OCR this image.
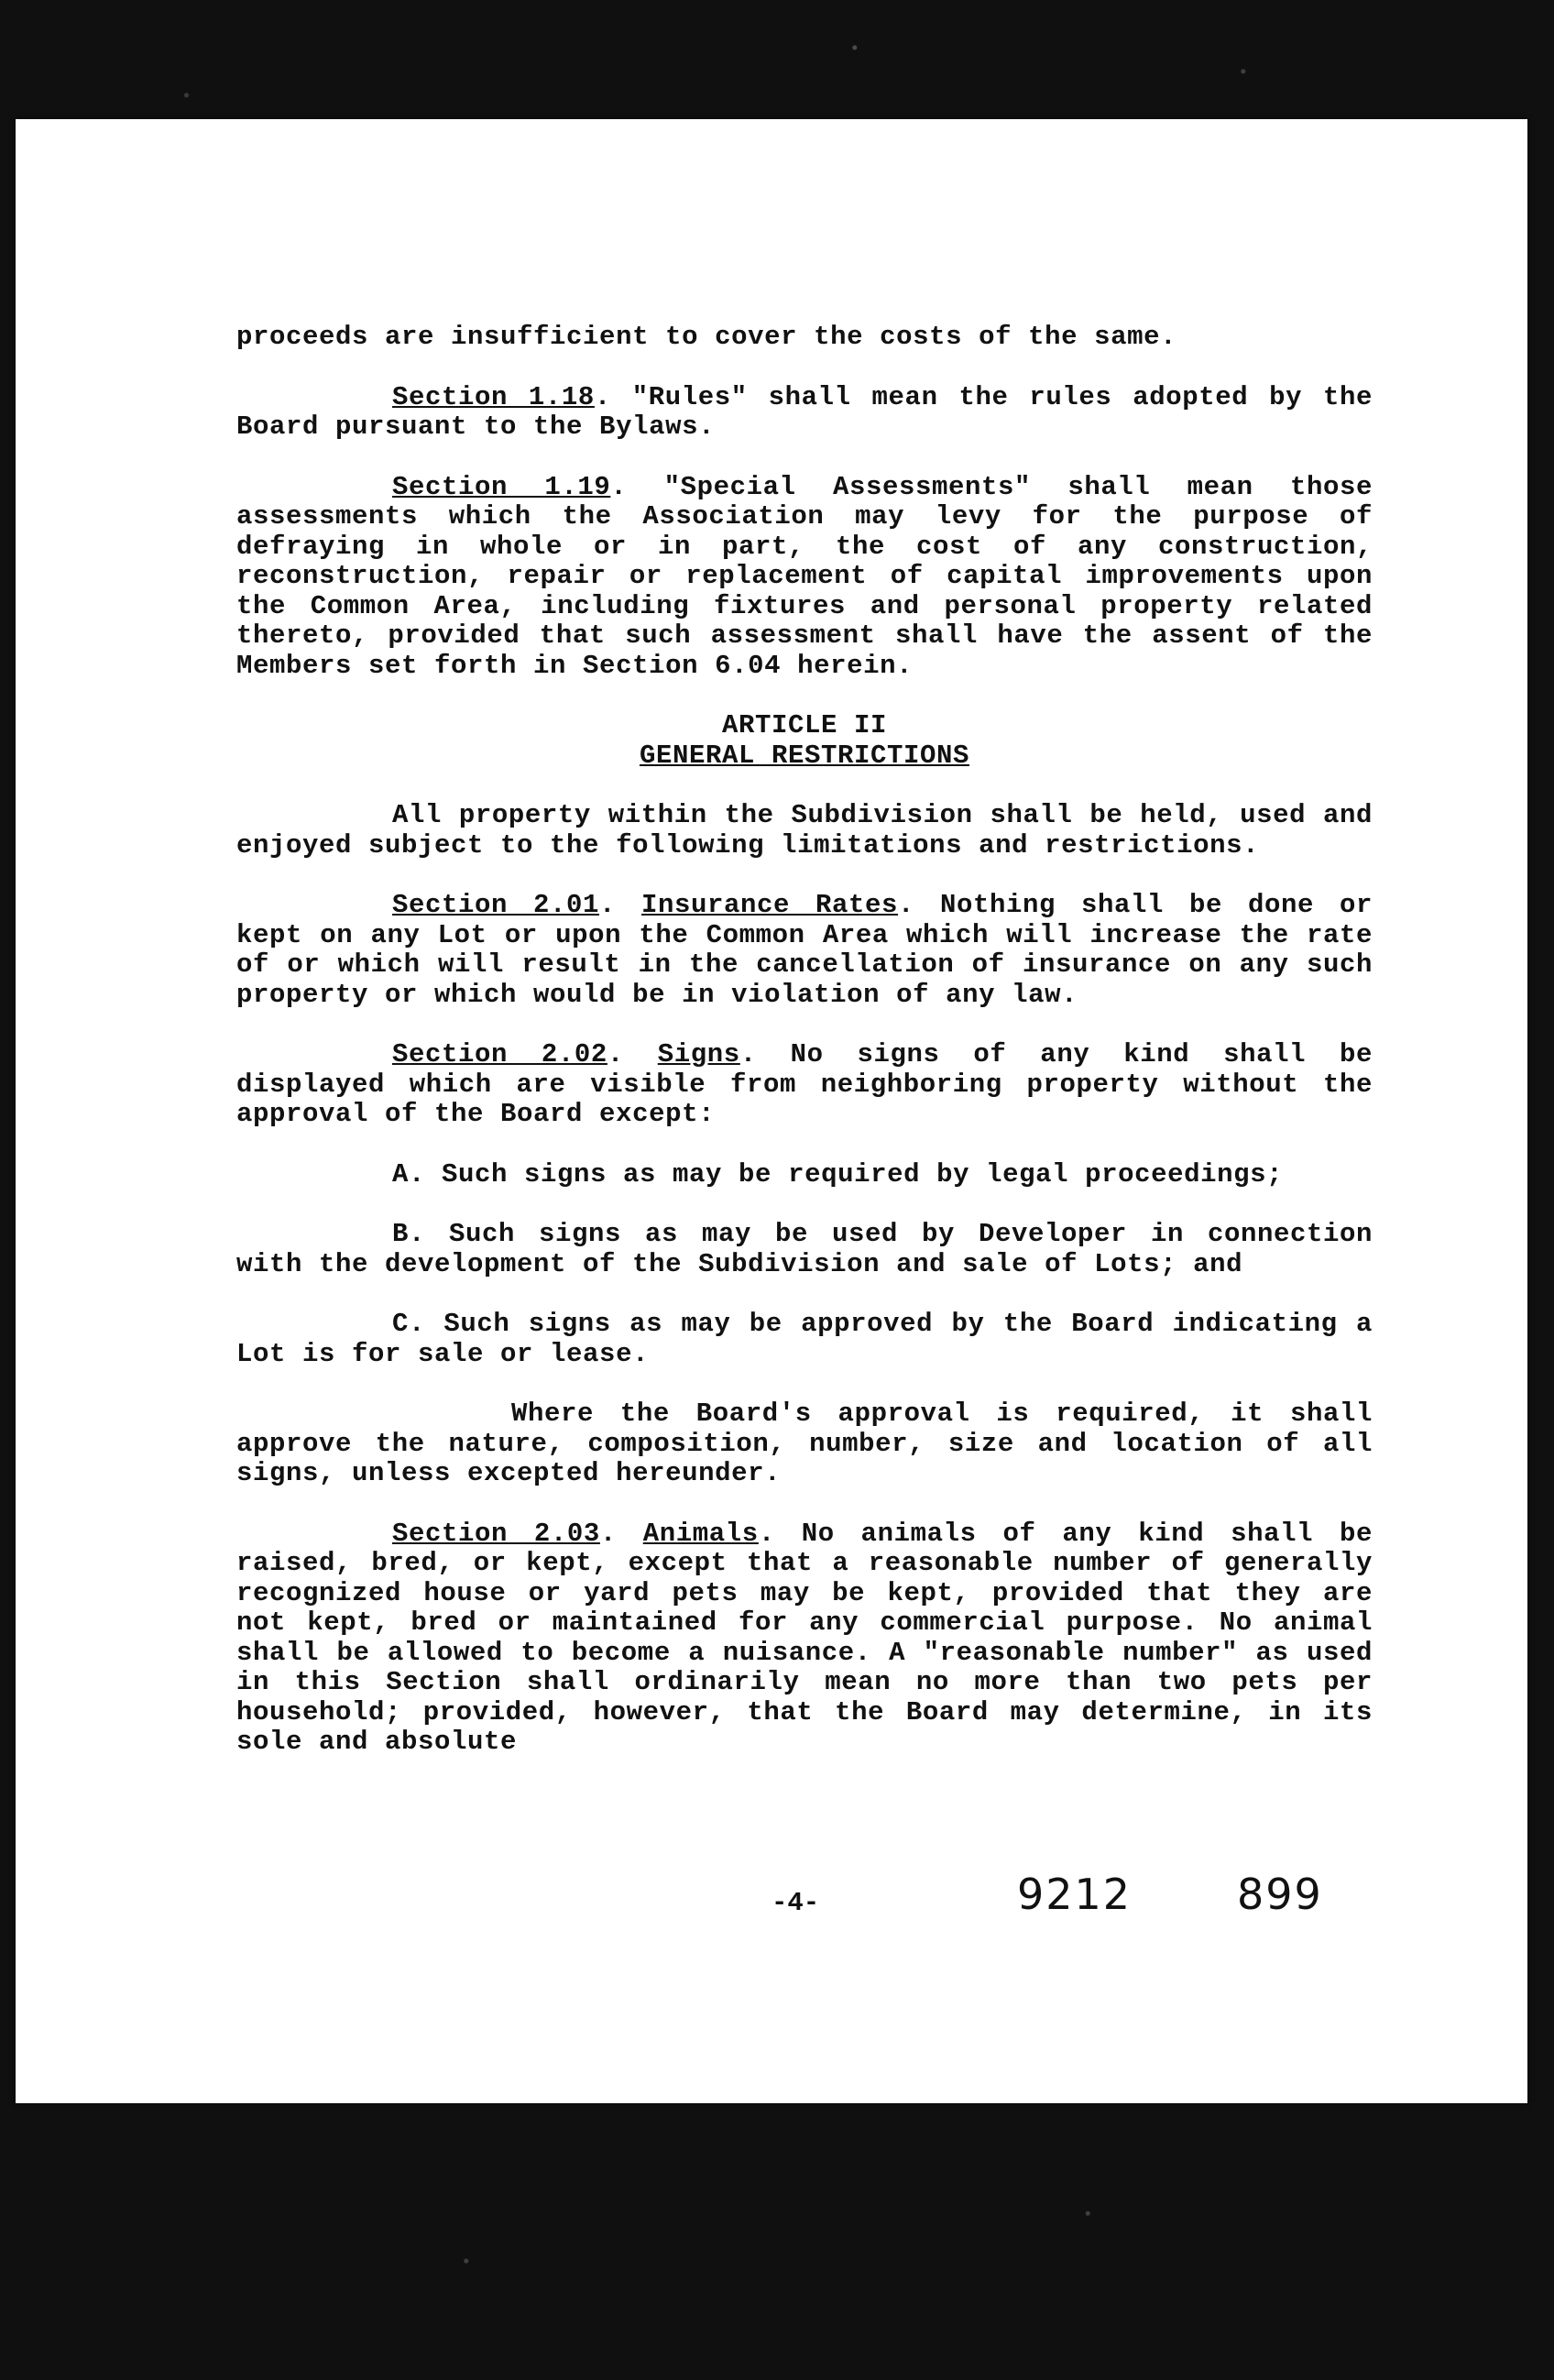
proceeds are insufficient to cover the costs of the same.

Section 1.18. "Rules" shall mean the rules adopted by the Board pursuant to the Bylaws.

Section 1.19. "Special Assessments" shall mean those assessments which the Association may levy for the purpose of defraying in whole or in part, the cost of any construction, reconstruction, repair or replacement of capital improvements upon the Common Area, including fixtures and personal property related thereto, provided that such assessment shall have the assent of the Members set forth in Section 6.04 herein.

ARTICLE II
GENERAL RESTRICTIONS

All property within the Subdivision shall be held, used and enjoyed subject to the following limitations and restrictions.

Section 2.01. Insurance Rates. Nothing shall be done or kept on any Lot or upon the Common Area which will increase the rate of or which will result in the cancellation of insurance on any such property or which would be in violation of any law.

Section 2.02. Signs. No signs of any kind shall be displayed which are visible from neighboring property without the approval of the Board except:

A. Such signs as may be required by legal proceedings;

B. Such signs as may be used by Developer in connection with the development of the Subdivision and sale of Lots; and

C. Such signs as may be approved by the Board indicating a Lot is for sale or lease.

Where the Board's approval is required, it shall approve the nature, composition, number, size and location of all signs, unless excepted hereunder.

Section 2.03. Animals. No animals of any kind shall be raised, bred, or kept, except that a reasonable number of generally recognized house or yard pets may be kept, provided that they are not kept, bred or maintained for any commercial purpose. No animal shall be allowed to become a nuisance. A "reasonable number" as used in this Section shall ordinarily mean no more than two pets per household; provided, however, that the Board may determine, in its sole and absolute

-4-	9212 899
